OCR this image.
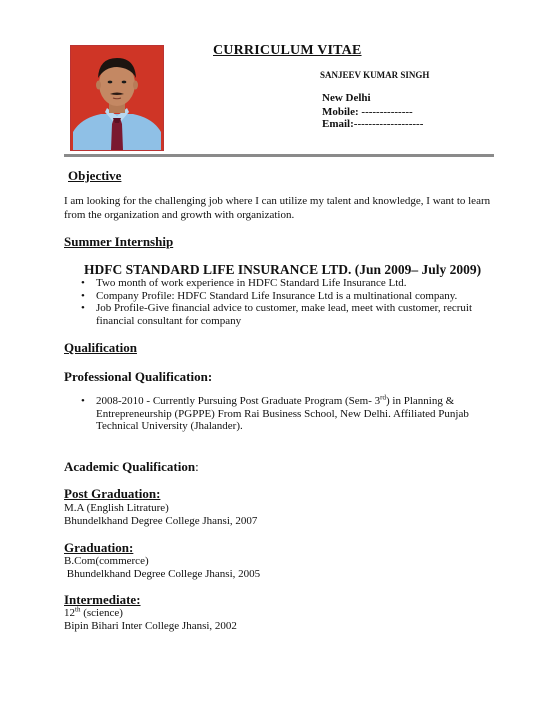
CURRICULUM VITAE
SANJEEV KUMAR SINGH
New Delhi
Mobile: --------------
Email:-------------------
Objective
I am looking for the challenging job where I can utilize my talent and knowledge, I want to learn from the organization and growth with organization.
Summer Internship
HDFC STANDARD LIFE INSURANCE LTD. (Jun 2009– July 2009)
• Two month of work experience in HDFC Standard Life Insurance Ltd.
• Company Profile: HDFC Standard Life Insurance Ltd is a multinational company.
• Job Profile-Give financial advice to customer, make lead, meet with customer, recruit financial consultant for company
Qualification
Professional Qualification:
• 2008-2010 - Currently Pursuing Post Graduate Program (Sem- 3rd) in Planning & Entrepreneurship (PGPPE) From Rai Business School, New Delhi. Affiliated Punjab Technical University (Jhalander).
Academic Qualification:
Post Graduation:
M.A (English Litrature)
Bhundelkhand Degree College Jhansi, 2007
Graduation:
B.Com(commerce)
Bhundelkhand Degree College Jhansi, 2005
Intermediate:
12th (science)
Bipin Bihari Inter College Jhansi, 2002
